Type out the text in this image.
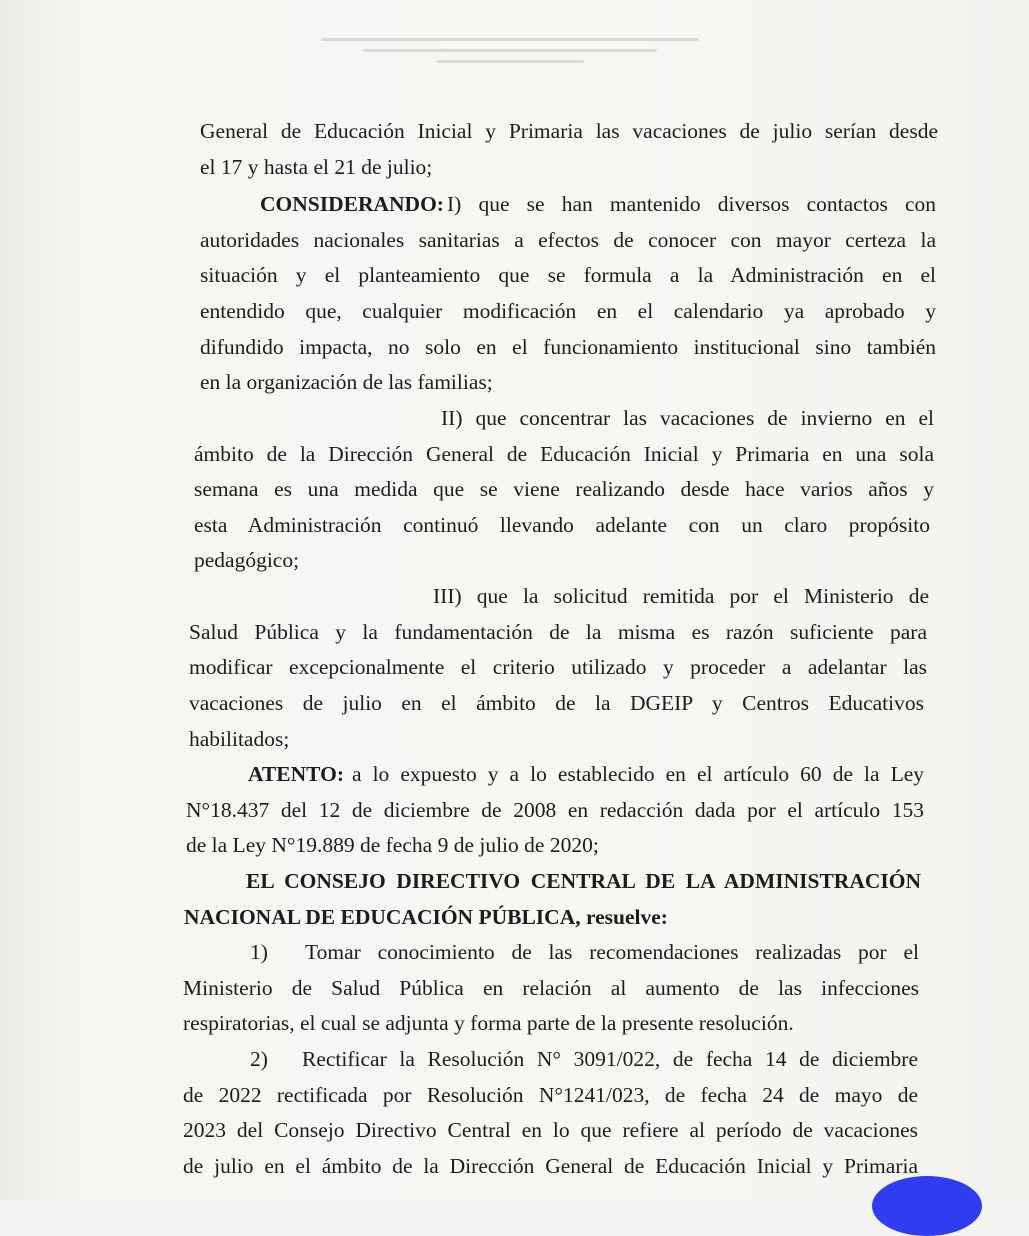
General de Educación Inicial y Primaria las vacaciones de julio serían desde
el 17 y hasta el 21 de julio;
CONSIDERANDO: I) que se han mantenido diversos contactos con
autoridades nacionales sanitarias a efectos de conocer con mayor certeza la
situación y el planteamiento que se formula a la Administración en el
entendido que, cualquier modificación en el calendario ya aprobado y
difundido impacta, no solo en el funcionamiento institucional sino también
en la organización de las familias;
II) que concentrar las vacaciones de invierno en el
ámbito de la Dirección General de Educación Inicial y Primaria en una sola
semana es una medida que se viene realizando desde hace varios años y
esta Administración continuó llevando adelante con un claro propósito
pedagógico;
III) que la solicitud remitida por el Ministerio de
Salud Pública y la fundamentación de la misma es razón suficiente para
modificar excepcionalmente el criterio utilizado y proceder a adelantar las
vacaciones de julio en el ámbito de la DGEIP y Centros Educativos
habilitados;
ATENTO: a lo expuesto y a lo establecido en el artículo 60 de la Ley
N°18.437 del 12 de diciembre de 2008 en redacción dada por el artículo 153
de la Ley N°19.889 de fecha 9 de julio de 2020;
EL CONSEJO DIRECTIVO CENTRAL DE LA ADMINISTRACIÓN
NACIONAL DE EDUCACIÓN PÚBLICA, resuelve:
1) Tomar conocimiento de las recomendaciones realizadas por el
Ministerio de Salud Pública en relación al aumento de las infecciones
respiratorias, el cual se adjunta y forma parte de la presente resolución.
2) Rectificar la Resolución N° 3091/022, de fecha 14 de diciembre
de 2022 rectificada por Resolución N°1241/023, de fecha 24 de mayo de
2023 del Consejo Directivo Central en lo que refiere al período de vacaciones
de julio en el ámbito de la Dirección General de Educación Inicial y Primaria
